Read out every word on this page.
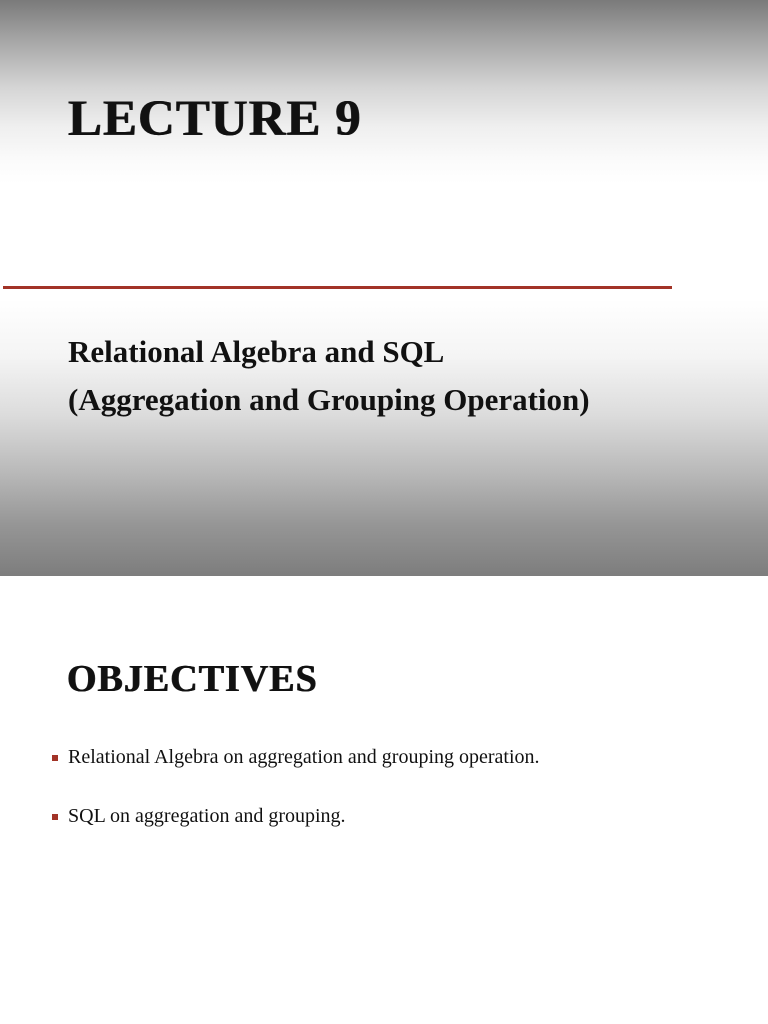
LECTURE 9
Relational Algebra and SQL
(Aggregation and Grouping Operation)
OBJECTIVES
Relational Algebra on aggregation and grouping operation.
SQL on aggregation and grouping.
